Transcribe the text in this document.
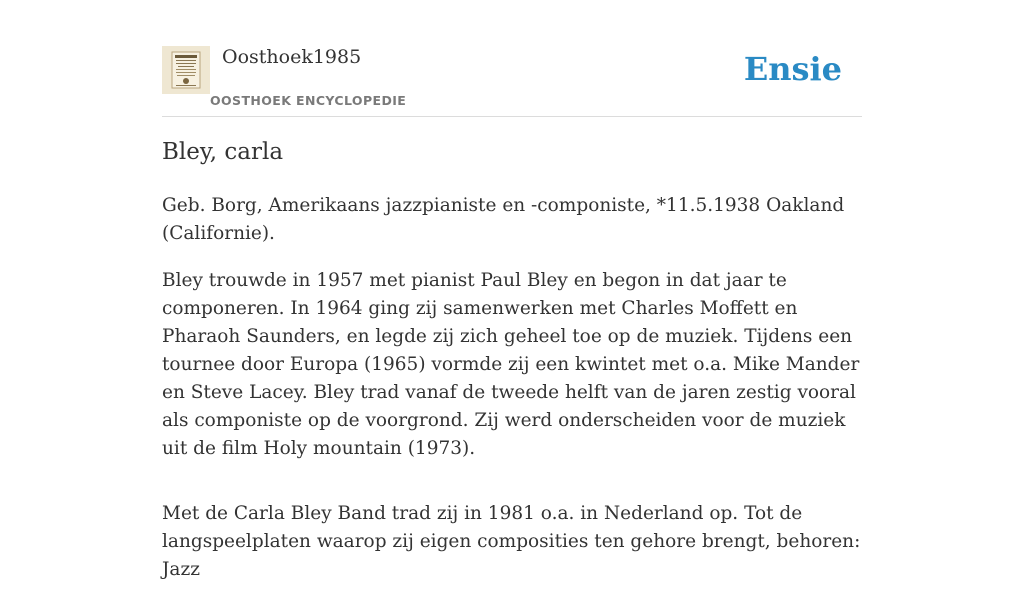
Oosthoek1985
OOSTHOEK ENCYCLOPEDIE
Ensie
Bley, carla

Geb. Borg, Amerikaans jazzpianiste en -componiste, *11.5.1938 Oakland (Californie).

Bley trouwde in 1957 met pianist Paul Bley en begon in dat jaar te componeren. In 1964 ging zij samenwerken met Charles Moffett en Pharaoh Saunders, en legde zij zich geheel toe op de muziek. Tijdens een tournee door Europa (1965) vormde zij een kwintet met o.a. Mike Mander en Steve Lacey. Bley trad vanaf de tweede helft van de jaren zestig vooral als componiste op de voorgrond. Zij werd onderscheiden voor de muziek uit de film Holy mountain (1973).

Met de Carla Bley Band trad zij in 1981 o.a. in Nederland op. Tot de langspeelplaten waarop zij eigen composities ten gehore brengt, behoren: Jazz
